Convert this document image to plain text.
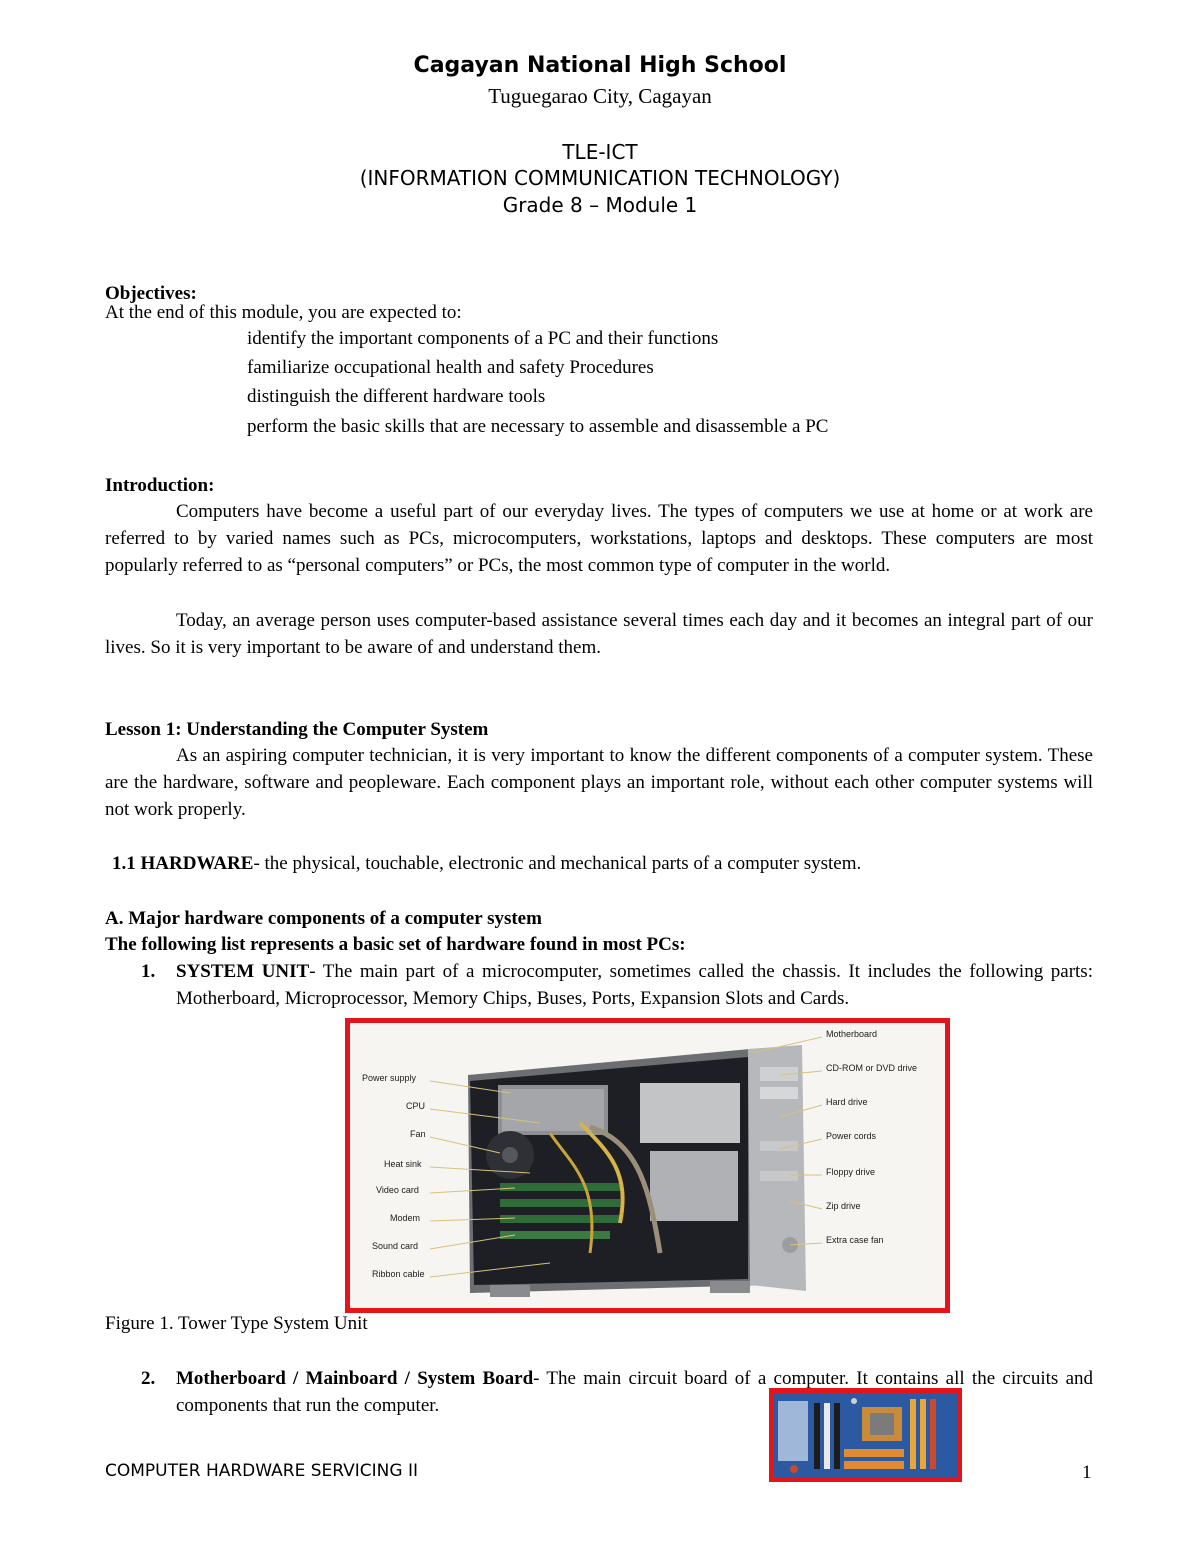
Cagayan National High School
Tuguegarao City, Cagayan
TLE-ICT
(INFORMATION COMMUNICATION TECHNOLOGY)
Grade 8 – Module 1
Objectives:
At the end of this module, you are expected to:
identify the important components of a PC and their functions
familiarize occupational health and safety Procedures
distinguish the different hardware tools
perform the basic skills that are necessary to assemble and disassemble a PC
Introduction:
Computers have become a useful part of our everyday lives. The types of computers we use at home or at work are referred to by varied names such as PCs, microcomputers, workstations, laptops and desktops. These computers are most popularly referred to as “personal computers” or PCs, the most common type of computer in the world.
Today, an average person uses computer-based assistance several times each day and it becomes an integral part of our lives. So it is very important to be aware of and understand them.
Lesson 1: Understanding the Computer System
As an aspiring computer technician, it is very important to know the different components of a computer system. These are the hardware, software and peopleware. Each component plays an important role, without each other computer systems will not work properly.
1.1 HARDWARE- the physical, touchable, electronic and mechanical parts of a computer system.
A. Major hardware components of a computer system
The following list represents a basic set of hardware found in most PCs:
1. SYSTEM UNIT- The main part of a microcomputer, sometimes called the chassis. It includes the following parts: Motherboard, Microprocessor, Memory Chips, Buses, Ports, Expansion Slots and Cards.
Power supply
CPU
Fan
Heat sink
Video card
Modem
Sound card
Ribbon cable
Motherboard
CD-ROM or DVD drive
Hard drive
Power cords
Floppy drive
Zip drive
Extra case fan
Figure 1. Tower Type System Unit
2. Motherboard / Mainboard / System Board- The main circuit board of a computer. It contains all the circuits and components that run the computer.
COMPUTER HARDWARE SERVICING II	1
